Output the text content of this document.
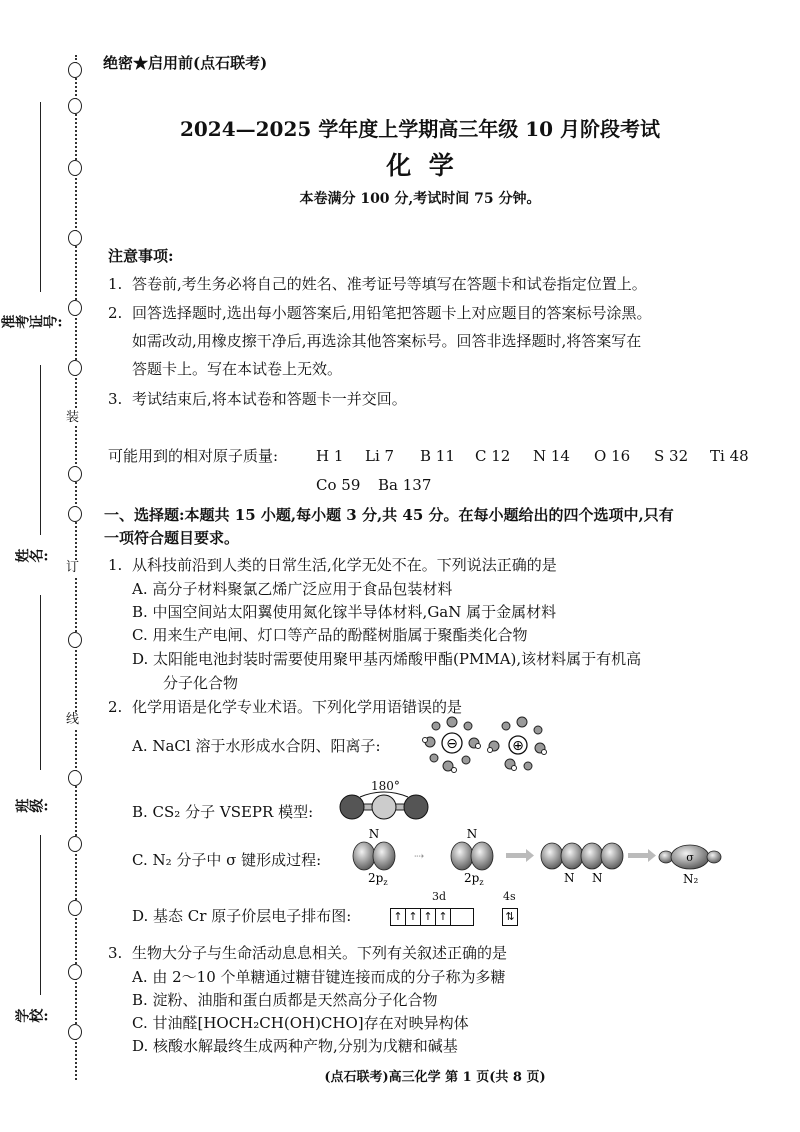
装
订
线
准考证号:
姓名:
班级:
学校:
绝密★启用前(点石联考)
2024—2025 学年度上学期高三年级 10 月阶段考试
化  学
本卷满分 100 分,考试时间 75 分钟。
注意事项:
1. 答卷前,考生务必将自己的姓名、准考证号等填写在答题卡和试卷指定位置上。
2. 回答选择题时,选出每小题答案后,用铅笔把答题卡上对应题目的答案标号涂黑。
如需改动,用橡皮擦干净后,再选涂其他答案标号。回答非选择题时,将答案写在
答题卡上。写在本试卷上无效。
3. 考试结束后,将本试卷和答题卡一并交回。
可能用到的相对原子质量:	H 1 Li 7 B 11 C 12 N 14 O 16 S 32 Ti 48
Co 59 Ba 137
一、选择题:本题共 15 小题,每小题 3 分,共 45 分。在每小题给出的四个选项中,只有
一项符合题目要求。
1. 从科技前沿到人类的日常生活,化学无处不在。下列说法正确的是
A. 高分子材料聚氯乙烯广泛应用于食品包装材料
B. 中国空间站太阳翼使用氮化镓半导体材料,GaN 属于金属材料
C. 用来生产电闸、灯口等产品的酚醛树脂属于聚酯类化合物
D. 太阳能电池封装时需要使用聚甲基丙烯酸甲酯(PMMA),该材料属于有机高
分子化合物
2. 化学用语是化学专业术语。下列化学用语错误的是
A. NaCl 溶于水形成水合阴、阳离子:	⊖	⊕
180°
B. CS₂ 分子 VSEPR 模型:
C. N₂ 分子中 σ 键形成过程:
N
$2p_z$
⇢
N
$2p_z$	N N
σ
N₂
D. 基态 Cr 原子价层电子排布图:
3d	4s
↑ ↑ ↑ ↑	⇅
3. 生物大分子与生命活动息息相关。下列有关叙述正确的是
A. 由 2～10 个单糖通过糖苷键连接而成的分子称为多糖
B. 淀粉、油脂和蛋白质都是天然高分子化合物
C. 甘油醛[HOCH₂CH(OH)CHO]存在对映异构体
D. 核酸水解最终生成两种产物,分别为戊糖和碱基
(点石联考)高三化学 第 1 页(共 8 页)
